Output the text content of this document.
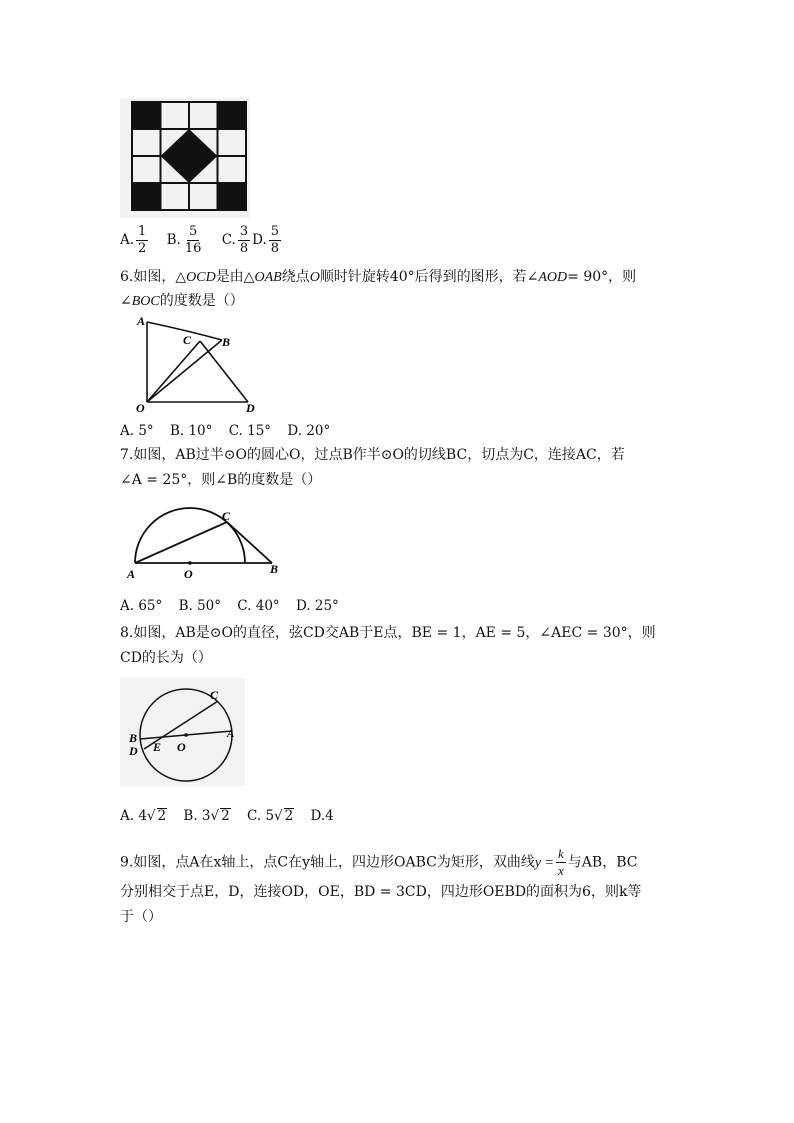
A. $\frac{1}{2} B$. $\frac{5}{16} C$. $\frac{3}{8} D$. $\frac{5}{8}$
6.如图，△OCD是由△OAB绕点O顺时针旋转40°后得到的图形，若∠AOD= 90°，则
∠BOC的度数是（）
A
C	B
O	D
A. 5° B. 10° C. 15° D. 20°
7.如图，AB过半⊙O的圆心O，过点B作半⊙O的切线BC，切点为C，连接AC，若
∠A = 25°，则∠B的度数是（）
C
A	O	B
A. 65° B. 50° C. 40° D. 25°
8.如图，AB是⊙O的直径，弦CD交AB于E点，BE = 1，AE = 5，∠AEC = 30°，则
CD的长为（）
C
A
B
D E O
A. 4√ 2 B. 3√ 2 C. 5√ 2 D.4
9.如图，点A在x轴上，点C在y轴上，四边形OABC为矩形，双曲线$y = \frac{k}{x}$ 与AB，BC
分别相交于点E，D，连接OD，OE，BD = 3CD，四边形OEBD的面积为6，则k等
于（）
